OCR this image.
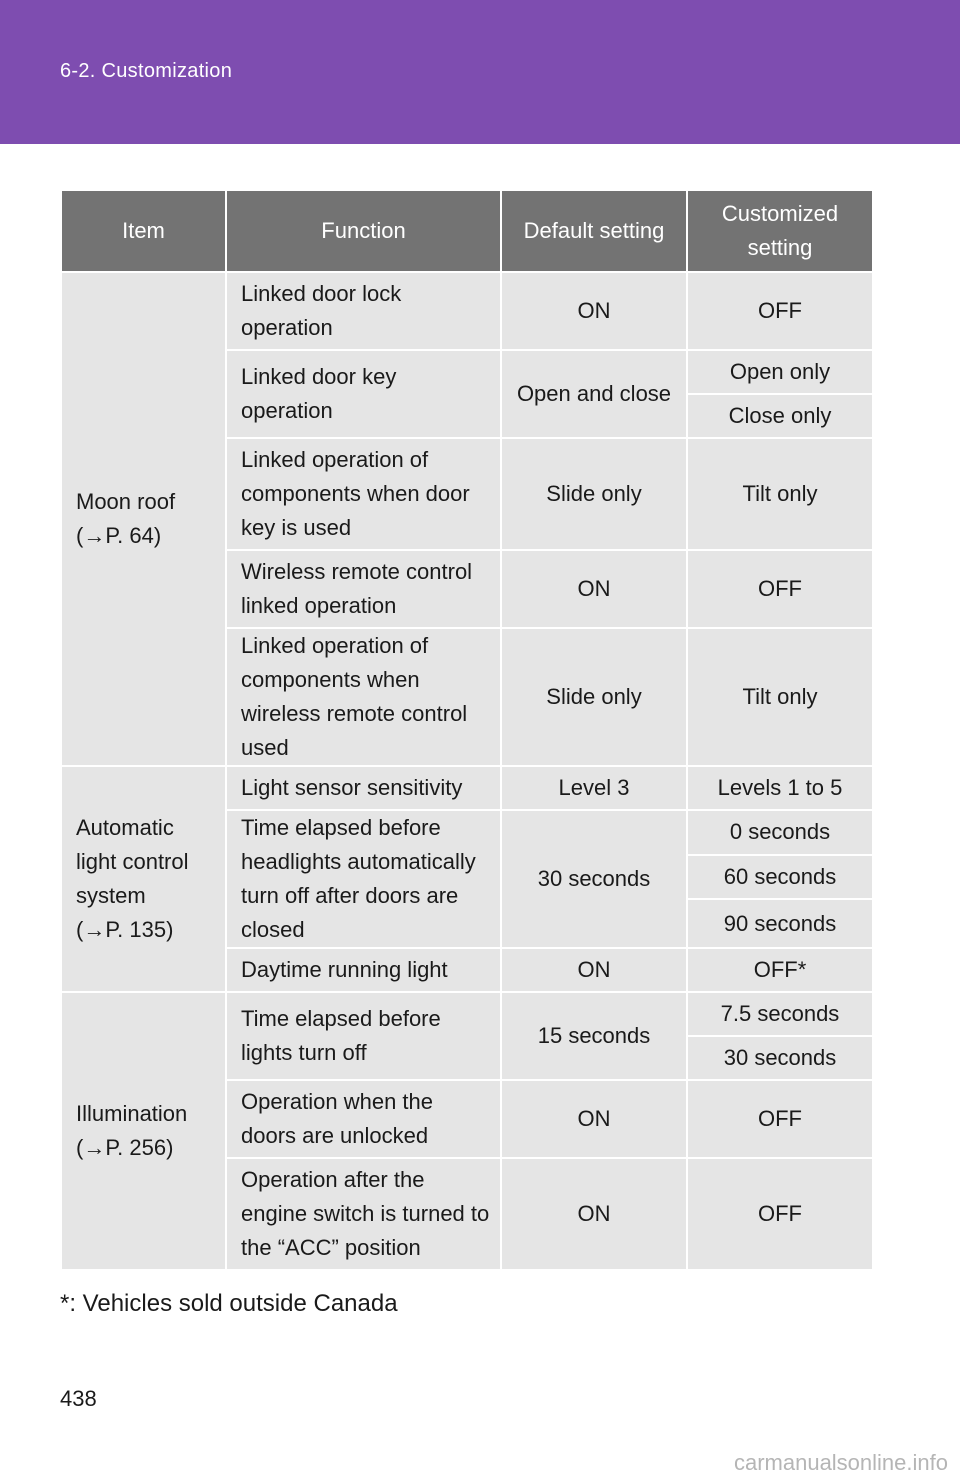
6-2. Customization
Item	Function	Default setting	Customized setting

Moon roof
(→P. 64)	Linked door lock operation	ON	OFF
	Linked door key operation	Open and close	Open only
			Close only
	Linked operation of components when door key is used	Slide only	Tilt only
	Wireless remote control linked operation	ON	OFF
	Linked operation of components when wireless remote control used	Slide only	Tilt only

Automatic
light control
system
(→P. 135)	Light sensor sensitivity	Level 3	Levels 1 to 5
	Time elapsed before headlights automatically turn off after doors are closed	30 seconds	0 seconds
			60 seconds
			90 seconds
	Daytime running light	ON	OFF*

Illumination
(→P. 256)	Time elapsed before lights turn off	15 seconds	7.5 seconds
			30 seconds
	Operation when the doors are unlocked	ON	OFF
	Operation after the engine switch is turned to the “ACC” position	ON	OFF
*: Vehicles sold outside Canada
438
carmanualsonline.info
